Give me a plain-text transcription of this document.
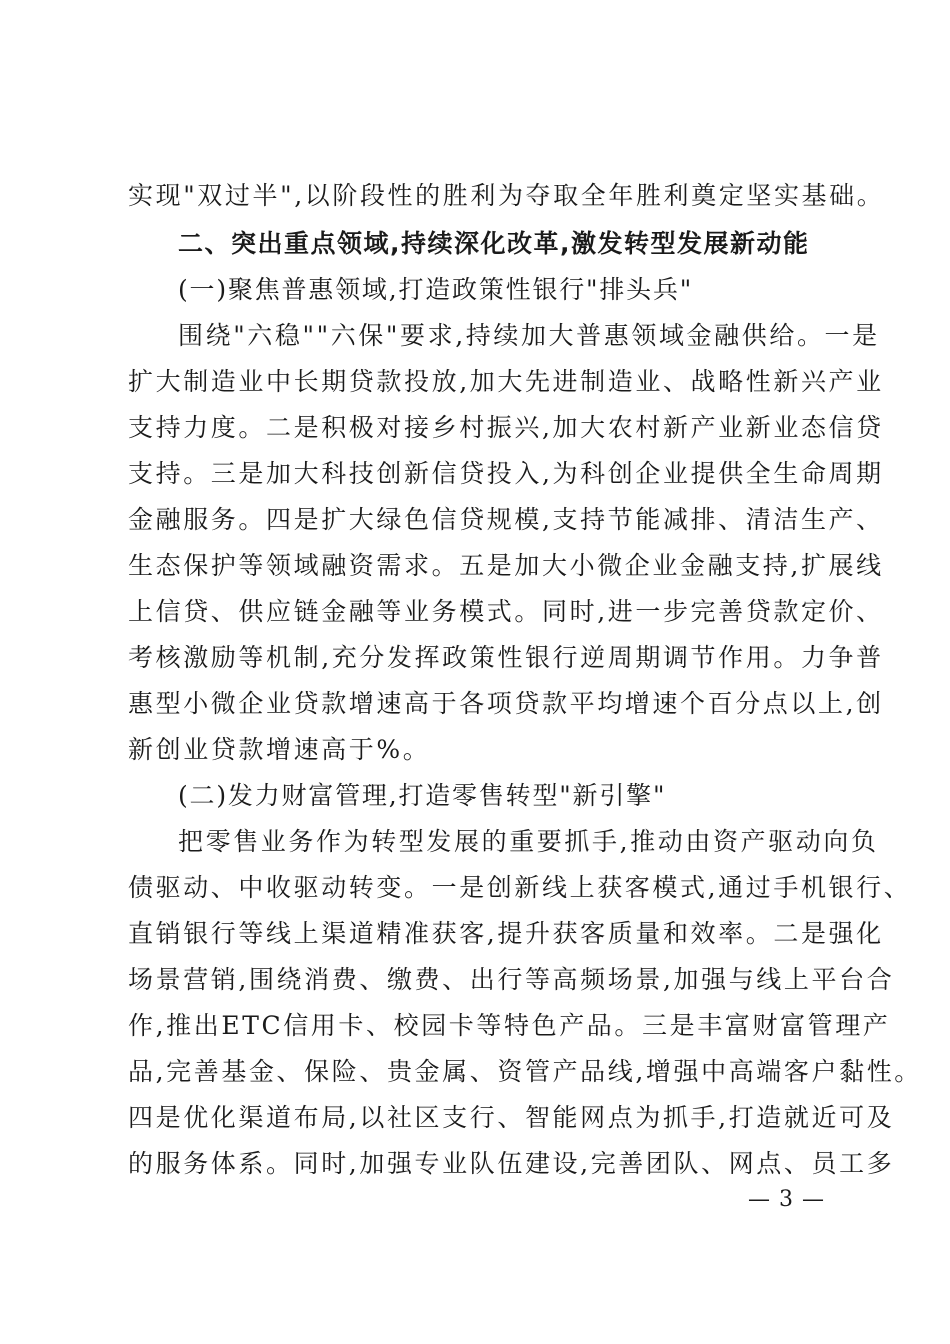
实现"双过半",以阶段性的胜利为夺取全年胜利奠定坚实基础。
二、突出重点领域,持续深化改革,激发转型发展新动能
(一)聚焦普惠领域,打造政策性银行"排头兵"
围绕"六稳""六保"要求,持续加大普惠领域金融供给。一是
扩大制造业中长期贷款投放,加大先进制造业、战略性新兴产业
支持力度。二是积极对接乡村振兴,加大农村新产业新业态信贷
支持。三是加大科技创新信贷投入,为科创企业提供全生命周期
金融服务。四是扩大绿色信贷规模,支持节能减排、清洁生产、
生态保护等领域融资需求。五是加大小微企业金融支持,扩展线
上信贷、供应链金融等业务模式。同时,进一步完善贷款定价、
考核激励等机制,充分发挥政策性银行逆周期调节作用。力争普
惠型小微企业贷款增速高于各项贷款平均增速个百分点以上,创
新创业贷款增速高于%。
(二)发力财富管理,打造零售转型"新引擎"
把零售业务作为转型发展的重要抓手,推动由资产驱动向负
债驱动、中收驱动转变。一是创新线上获客模式,通过手机银行、
直销银行等线上渠道精准获客,提升获客质量和效率。二是强化
场景营销,围绕消费、缴费、出行等高频场景,加强与线上平台合
作,推出ETC信用卡、校园卡等特色产品。三是丰富财富管理产
品,完善基金、保险、贵金属、资管产品线,增强中高端客户黏性。
四是优化渠道布局,以社区支行、智能网点为抓手,打造就近可及
的服务体系。同时,加强专业队伍建设,完善团队、网点、员工多
— 3 —
